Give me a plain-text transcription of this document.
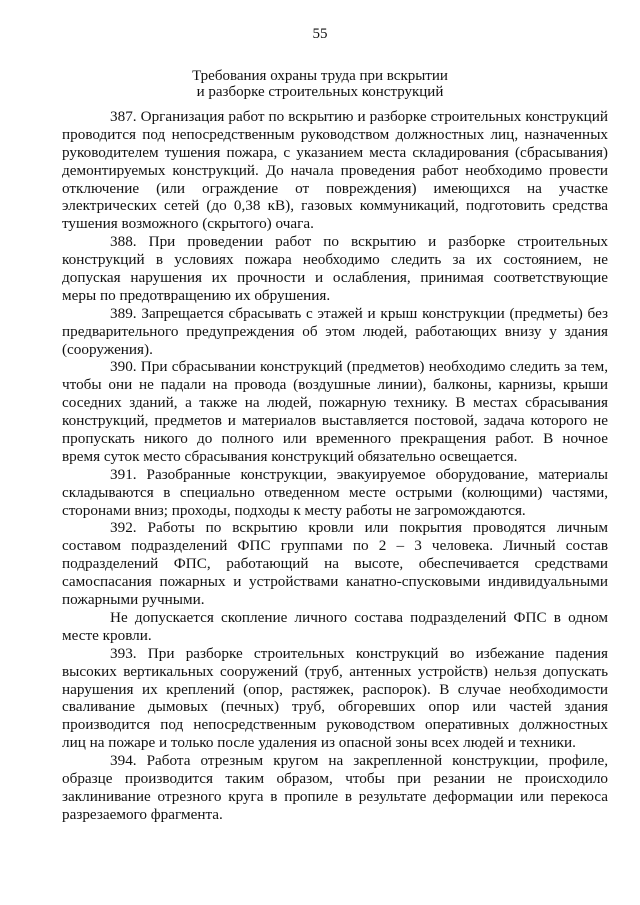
55
Требования охраны труда при вскрытии
и разборке строительных конструкций
387. Организация работ по вскрытию и разборке строительных конструкций
проводится под непосредственным руководством должностных лиц, назначенных
руководителем тушения пожара, с указанием места складирования (сбрасывания)
демонтируемых конструкций. До начала проведения работ необходимо провести
отключение (или ограждение от повреждения) имеющихся на участке
электрических сетей (до 0,38 кВ), газовых коммуникаций, подготовить средства
тушения возможного (скрытого) очага.
388. При проведении работ по вскрытию и разборке строительных
конструкций в условиях пожара необходимо следить за их состоянием, не
допуская нарушения их прочности и ослабления, принимая соответствующие
меры по предотвращению их обрушения.
389. Запрещается сбрасывать с этажей и крыш конструкции (предметы) без
предварительного предупреждения об этом людей, работающих внизу у здания
(сооружения).
390. При сбрасывании конструкций (предметов) необходимо следить за тем,
чтобы они не падали на провода (воздушные линии), балконы, карнизы, крыши
соседних зданий, а также на людей, пожарную технику. В местах сбрасывания
конструкций, предметов и материалов выставляется постовой, задача которого не
пропускать никого до полного или временного прекращения работ. В ночное
время суток место сбрасывания конструкций обязательно освещается.
391. Разобранные конструкции, эвакуируемое оборудование, материалы
складываются в специально отведенном месте острыми (колющими) частями,
сторонами вниз; проходы, подходы к месту работы не загромождаются.
392. Работы по вскрытию кровли или покрытия проводятся личным
составом подразделений ФПС группами по 2 – 3 человека. Личный состав
подразделений ФПС, работающий на высоте, обеспечивается средствами
самоспасания пожарных и устройствами канатно-спусковыми индивидуальными
пожарными ручными.
Не допускается скопление личного состава подразделений ФПС в одном
месте кровли.
393. При разборке строительных конструкций во избежание падения
высоких вертикальных сооружений (труб, антенных устройств) нельзя допускать
нарушения их креплений (опор, растяжек, распорок). В случае необходимости
сваливание дымовых (печных) труб, обгоревших опор или частей здания
производится под непосредственным руководством оперативных должностных
лиц на пожаре и только после удаления из опасной зоны всех людей и техники.
394. Работа отрезным кругом на закрепленной конструкции, профиле,
образце производится таким образом, чтобы при резании не происходило
заклинивание отрезного круга в пропиле в результате деформации или перекоса
разрезаемого фрагмента.
